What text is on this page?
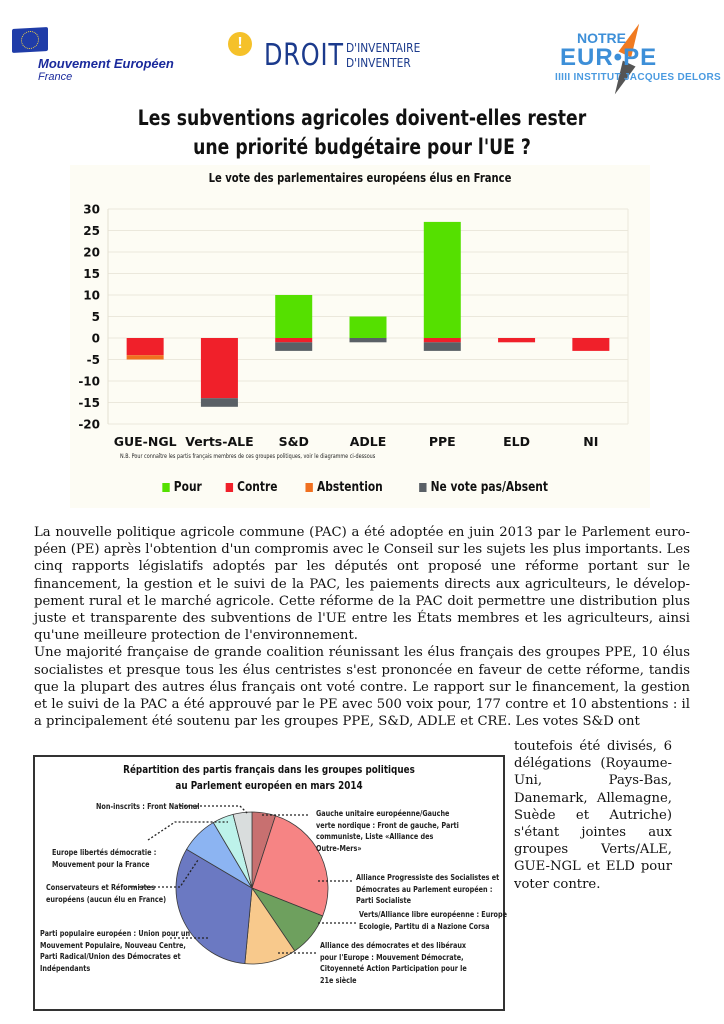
Mouvement Européen
France
! DROIT D'INVENTAIRE
D'INVENTER
NOTRE
EUR•PE
IIIII INSTITUT JACQUES DELORS
Les subventions agricoles doivent-elles rester
une priorité budgétaire pour l'UE ?
Le vote des parlementaires européens élus en France
30
25
20
15
10
5
0
-5
-10
-15
-20
GUE-NGL Verts-ALE S&D	ADLE	PPE	ELD	NI
N.B. Pour connaître les partis français membres de ces groupes politiques, voir le diagramme ci-dessous
Pour	Contre	Abstention	Ne vote pas/Absent
La nouvelle politique agricole commune (PAC) a été adoptée en juin 2013 par le Parlement euro-péen (PE) après l'obtention d'un compromis avec le Conseil sur les sujets les plus importants. Les cinq rapports législatifs adoptés par les députés ont proposé une réforme portant sur le financement, la gestion et le suivi de la PAC, les paiements directs aux agriculteurs, le dévelop-pement rural et le marché agricole. Cette réforme de la PAC doit permettre une distribution plus juste et transparente des subventions de l'UE entre les États membres et les agriculteurs, ainsi qu'une meilleure protection de l'environnement.
Une majorité française de grande coalition réunissant les élus français des groupes PPE, 10 élus socialistes et presque tous les élus centristes s'est prononcée en faveur de cette réforme, tandis que la plupart des autres élus français ont voté contre. Le rapport sur le financement, la gestion et le suivi de la PAC a été approuvé par le PE avec 500 voix pour, 177 contre et 10 abstentions : il a principalement été soutenu par les groupes PPE, S&D, ADLE et CRE. Les votes S&D ont
toutefois été divisés, 6 délégations (Royaume-Uni, Pays-Bas, Danemark, Allemagne, Suède et Autriche) s'étant jointes aux groupes Verts/ALE, GUE-NGL et ELD pour voter contre.
Répartition des partis français dans les groupes politiques
au Parlement européen en mars 2014
Non-inscrits : Front National
Europe libertés démocratie :
Mouvement pour la France
Conservateurs et Réformistes
européens (aucun élu en France)
Parti populaire européen : Union pour un
Mouvement Populaire, Nouveau Centre,
Parti Radical/Union des Démocrates et
Indépendants
Gauche unitaire européenne/Gauche
verte nordique : Front de gauche, Parti
communiste, Liste «Alliance des
Outre-Mers»
Alliance Progressiste des Socialistes et
Démocrates au Parlement européen :
Parti Socialiste
Verts/Alliance libre européenne : Europe
Ecologie, Partitu di a Nazione Corsa
Alliance des démocrates et des libéraux
pour l'Europe : Mouvement Démocrate,
Citoyenneté Action Participation pour le
21e siècle
